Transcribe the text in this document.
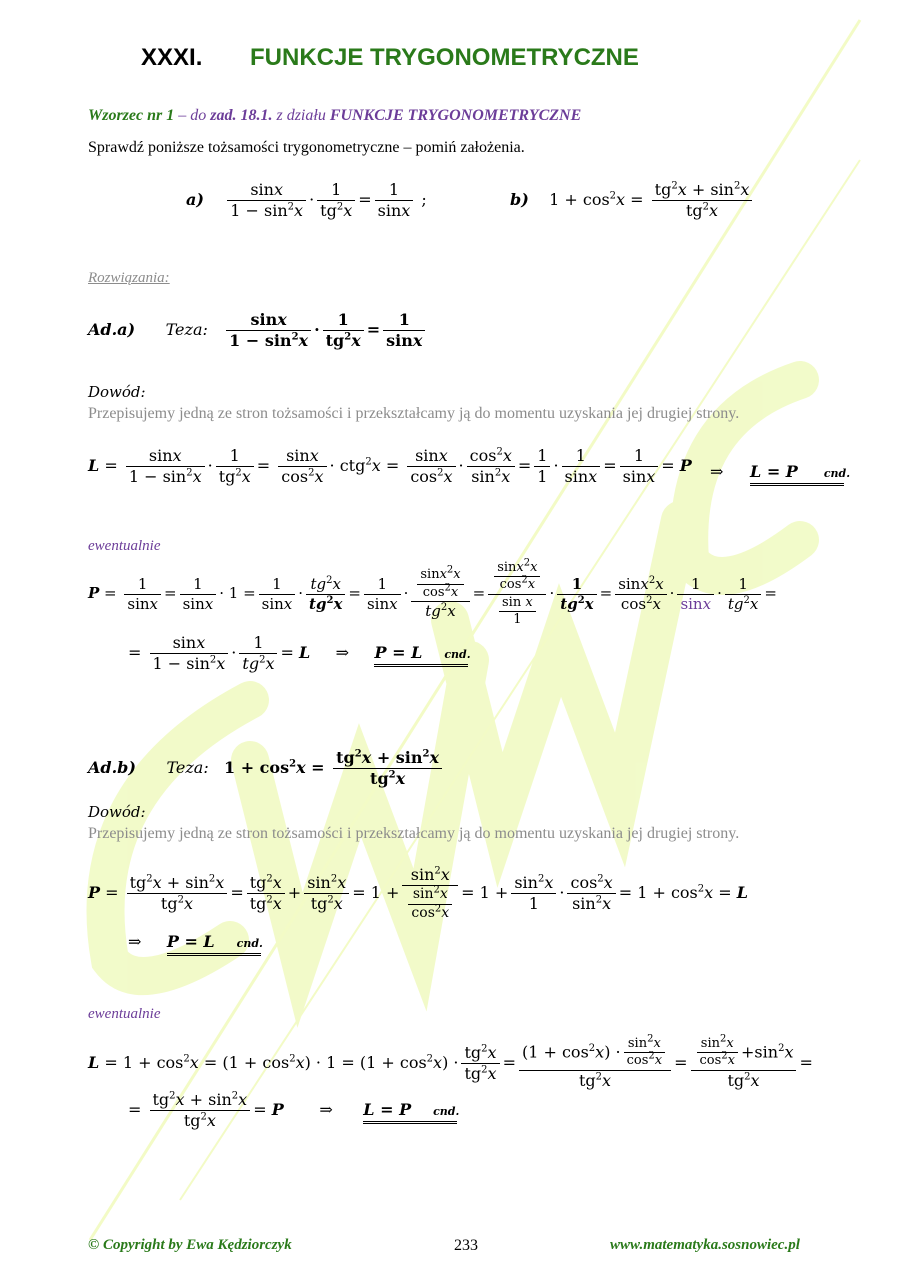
XXXI. FUNKCJE TRYGONOMETRYCZNE
Wzorzec nr 1 – do zad. 18.1. z działu FUNKCJE TRYGONOMETRYCZNE
Sprawdź poniższe tożsamości trygonometryczne – pomiń założenia.
$a) \frac{\sin x}{1 - \sin^2x} \cdot \frac{1}{tg^2x} = \frac{1}{\sin x}$ ;	b)    $1 + \cos^2x = \frac{tg^2x + \sin^2x}{tg^2x}$
Rozwiązania:
Ad.a) Teza: $\frac{\sin x}{1 - \sin^2x} \cdot \frac{1}{tg^2x} = \frac{1}{\sin x}$
Dowód:
Przepisujemy jedną ze stron tożsamości i przekształcamy ją do momentu uzyskania jej drugiej strony.
$L = \frac{\sin x}{1 - \sin^2x} \cdot \frac{1}{tg^2x} = \frac{\sin x}{\cos^2x} \cdot ctg^2x = \frac{\sin x}{\cos^2x} \cdot \frac{\cos^2x}{\sin^2x} = \frac{1}{1} \cdot \frac{1}{\sin x} = \frac{1}{\sin x} = P$ ⇒ L = P cnd.
ewentualnie
$P = \frac{1}{\sin x} = \frac{1}{\sin x} \cdot 1 = \frac{1}{\sin x} \cdot \frac{tg^2x}{tg^2x} = \frac{1}{\sin x} \cdot \frac{\frac{\sin x^2x}{\cos^2x}}{tg^2x} = \frac{\frac{\sin x^2x}{\cos^2x}}{\frac{\text{sin x}}{1}} \cdot \frac{1}{tg^2x} = \frac{\sin x^2x}{\cos^2x} \cdot \frac{1}{\sin x} \cdot \frac{1}{tg^2x}$ =
= $\frac{\sin x}{1 - \sin^2x} \cdot \frac{1}{tg^2x} = L$     ⇒     P = L cnd.
Ad.b) Teza: $1 + \cos^2x = \frac{tg^2x + \sin^2x}{tg^2x}$
Dowód:
Przepisujemy jedną ze stron tożsamości i przekształcamy ją do momentu uzyskania jej drugiej strony.
$P = \frac{tg^2x + \sin^2x}{tg^2x} = \frac{tg^2x}{tg^2x} + \frac{\sin^2x}{tg^2x} = 1 + \frac{\sin^2x}{\frac{\sin^2x}{\cos^2x}} = 1 + \frac{\sin^2x}{1} \cdot \frac{\cos^2x}{\sin^2x} = 1 + \cos^2x = L$
⇒     P = L cnd.
ewentualnie
$L = 1 + \cos^2x = (1 + \cos^2x) \cdot 1 = (1 + \cos^2x) \cdot \frac{tg^2x}{tg^2x} = \frac{(1 + \cos^2x) \cdot \frac{\sin^2x}{\cos^2x}}{tg^2x} = \frac{\frac{\sin^2x}{\cos^2x} +\sin^2x}{tg^2x}$ =
= $\frac{tg^2x + \sin^2x}{tg^2x} = P$       ⇒      L = P cnd.
© Copyright by Ewa Kędziorczyk	233	www.matematyka.sosnowiec.pl
